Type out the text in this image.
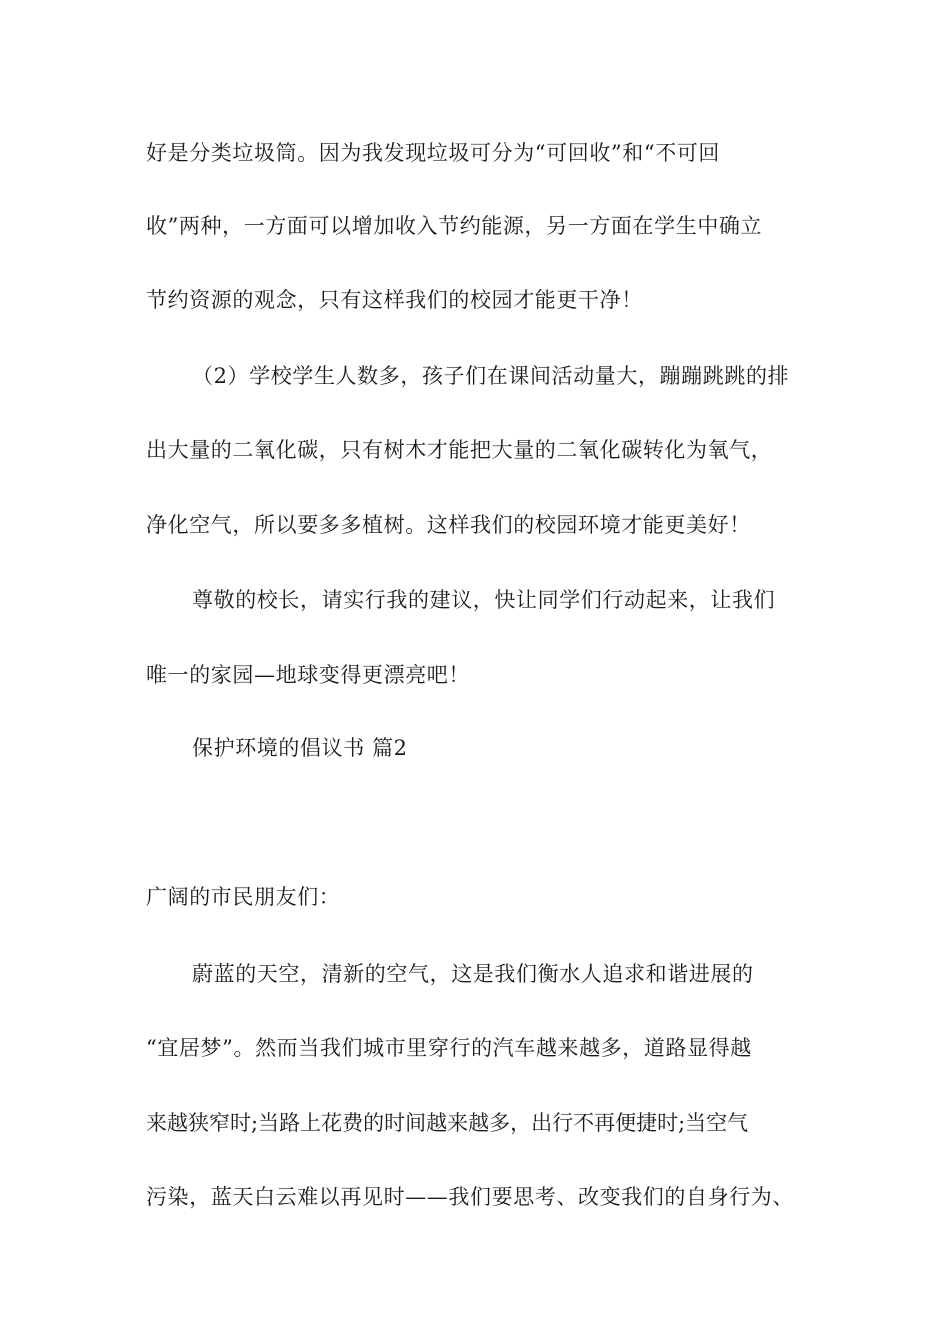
好是分类垃圾筒。因为我发现垃圾可分为“可回收”和“不可回

收”两种，一方面可以增加收入节约能源，另一方面在学生中确立

节约资源的观念，只有这样我们的校园才能更干净！

（2）学校学生人数多，孩子们在课间活动量大，蹦蹦跳跳的排

出大量的二氧化碳，只有树木才能把大量的二氧化碳转化为氧气，

净化空气，所以要多多植树。这样我们的校园环境才能更美好！

尊敬的校长，请实行我的建议，快让同学们行动起来，让我们

唯一的家园—地球变得更漂亮吧！

保护环境的倡议书 篇2

广阔的市民朋友们：

蔚蓝的天空，清新的空气，这是我们衡水人追求和谐进展的

“宜居梦”。然而当我们城市里穿行的汽车越来越多，道路显得越

来越狭窄时;当路上花费的时间越来越多，出行不再便捷时;当空气

污染，蓝天白云难以再见时——我们要思考、改变我们的自身行为、
